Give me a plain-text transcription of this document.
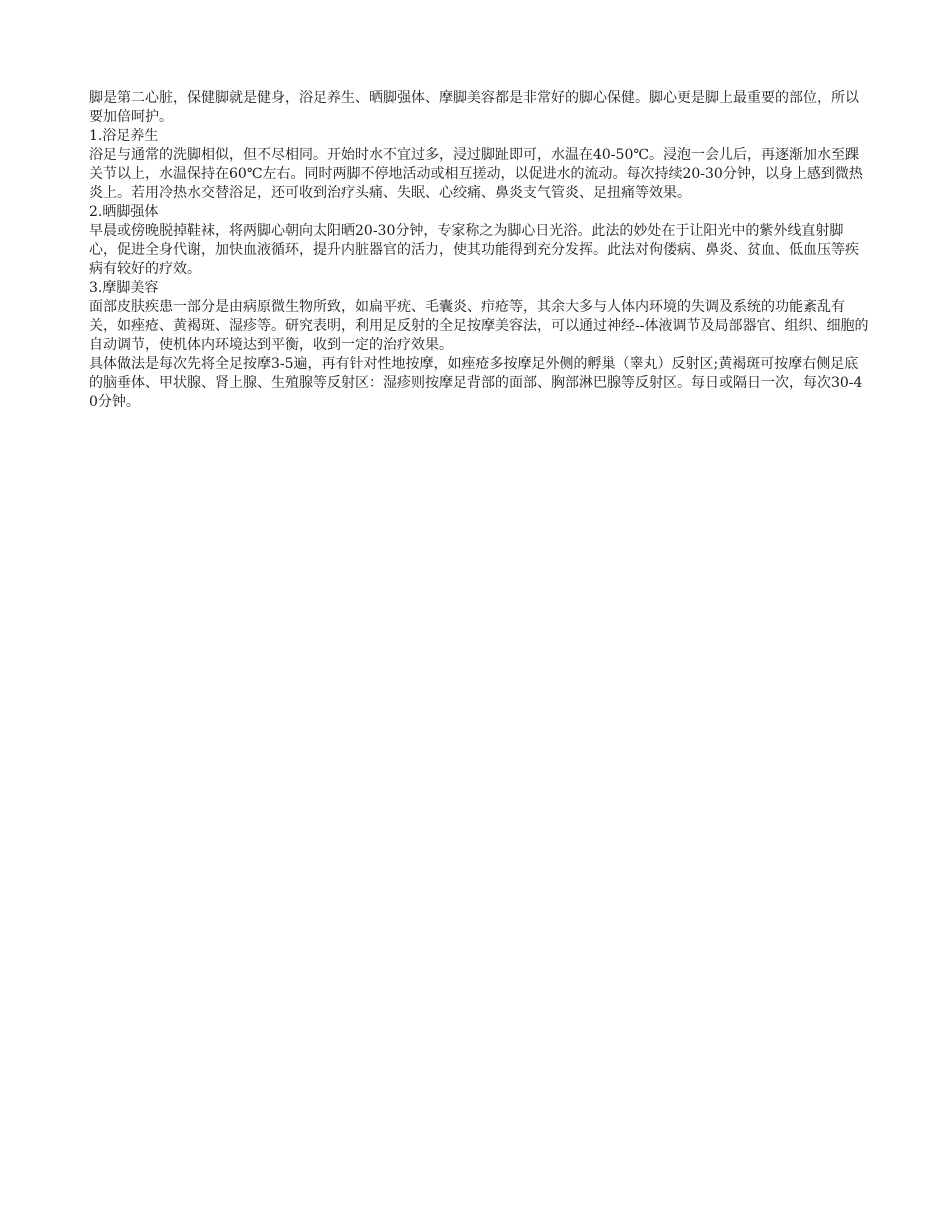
脚是第二心脏，保健脚就是健身，浴足养生、晒脚强体、摩脚美容都是非常好的脚心保健。脚心更是脚上最重要的部位，所以要加倍呵护。

1.浴足养生

浴足与通常的洗脚相似，但不尽相同。开始时水不宜过多，浸过脚趾即可，水温在40-50℃。浸泡一会儿后，再逐渐加水至踝关节以上，水温保持在60℃左右。同时两脚不停地活动或相互搓动，以促进水的流动。每次持续20-30分钟，以身上感到微热炎上。若用冷热水交替浴足，还可收到治疗头痛、失眠、心绞痛、鼻炎支气管炎、足扭痛等效果。

2.晒脚强体

早晨或傍晚脱掉鞋袜，将两脚心朝向太阳晒20-30分钟，专家称之为脚心日光浴。此法的妙处在于让阳光中的紫外线直射脚心，促进全身代谢，加快血液循环，提升内脏器官的活力，使其功能得到充分发挥。此法对佝偻病、鼻炎、贫血、低血压等疾病有较好的疗效。

3.摩脚美容

面部皮肤疾患一部分是由病原微生物所致，如扁平疣、毛囊炎、疖疮等，其余大多与人体内环境的失调及系统的功能紊乱有关，如痤疮、黄褐斑、湿疹等。研究表明，利用足反射的全足按摩美容法，可以通过神经--体液调节及局部器官、组织、细胞的自动调节，使机体内环境达到平衡，收到一定的治疗效果。

具体做法是每次先将全足按摩3-5遍，再有针对性地按摩，如痤疮多按摩足外侧的孵巢（睾丸）反射区;黄褐斑可按摩右侧足底的脑垂体、甲状腺、肾上腺、生殖腺等反射区：湿疹则按摩足背部的面部、胸部淋巴腺等反射区。每日或隔日一次，每次30-40分钟。
